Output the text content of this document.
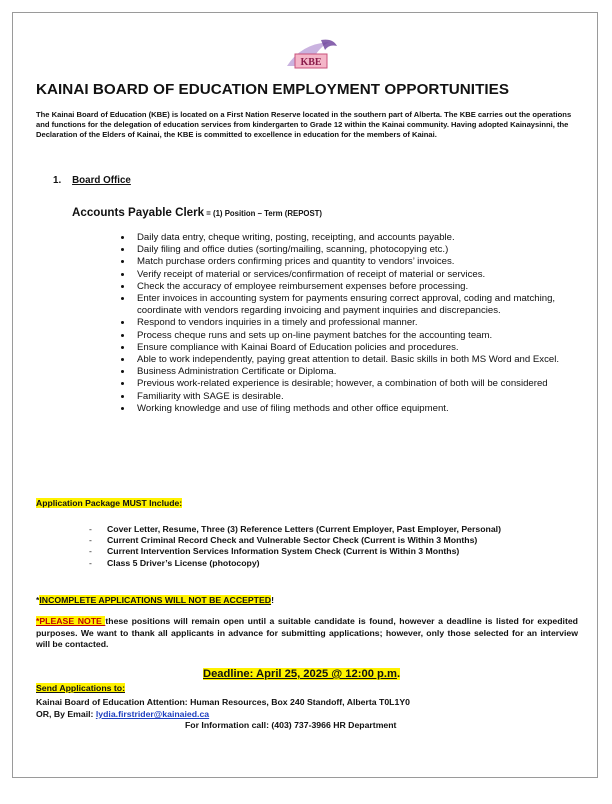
KBE
KAINAI BOARD OF EDUCATION EMPLOYMENT OPPORTUNITIES
The Kainai Board of Education (KBE) is located on a First Nation Reserve located in the southern part of Alberta. The KBE carries out the operations and functions for the delegation of education services from kindergarten to Grade 12 within the Kainai community. Having adopted Kainaysinni, the Declaration of the Elders of Kainai, the KBE is committed to excellence in education for the members of Kainai.
1. Board Office
Accounts Payable Clerk = (1) Position – Term (REPOST)
• Daily data entry, cheque writing, posting, receipting, and accounts payable.
• Daily filing and office duties (sorting/mailing, scanning, photocopying etc.)
• Match purchase orders confirming prices and quantity to vendors’ invoices.
• Verify receipt of material or services/confirmation of receipt of material or services.
• Check the accuracy of employee reimbursement expenses before processing.
• Enter invoices in accounting system for payments ensuring correct approval, coding and matching, coordinate with vendors regarding invoicing and payment inquiries and discrepancies.
• Respond to vendors inquiries in a timely and professional manner.
• Process cheque runs and sets up on-line payment batches for the accounting team.
• Ensure compliance with Kainai Board of Education policies and procedures.
• Able to work independently, paying great attention to detail. Basic skills in both MS Word and Excel.
• Business Administration Certificate or Diploma.
• Previous work-related experience is desirable; however, a combination of both will be considered
• Familiarity with SAGE is desirable.
• Working knowledge and use of filing methods and other office equipment.
Application Package MUST Include:
- Cover Letter, Resume, Three (3) Reference Letters (Current Employer, Past Employer, Personal)
- Current Criminal Record Check and Vulnerable Sector Check (Current is Within 3 Months)
- Current Intervention Services Information System Check (Current is Within 3 Months)
- Class 5 Driver’s License (photocopy)
*INCOMPLETE APPLICATIONS WILL NOT BE ACCEPTED!
*PLEASE NOTE these positions will remain open until a suitable candidate is found, however a deadline is listed for expedited purposes. We want to thank all applicants in advance for submitting applications; however, only those selected for an interview will be contacted.
Deadline: April 25, 2025 @ 12:00 p.m.
Send Applications to:
Kainai Board of Education Attention: Human Resources, Box 240 Standoff, Alberta T0L1Y0
OR, By Email: lydia.firstrider@kainaied.ca
For Information call: (403) 737-3966 HR Department
